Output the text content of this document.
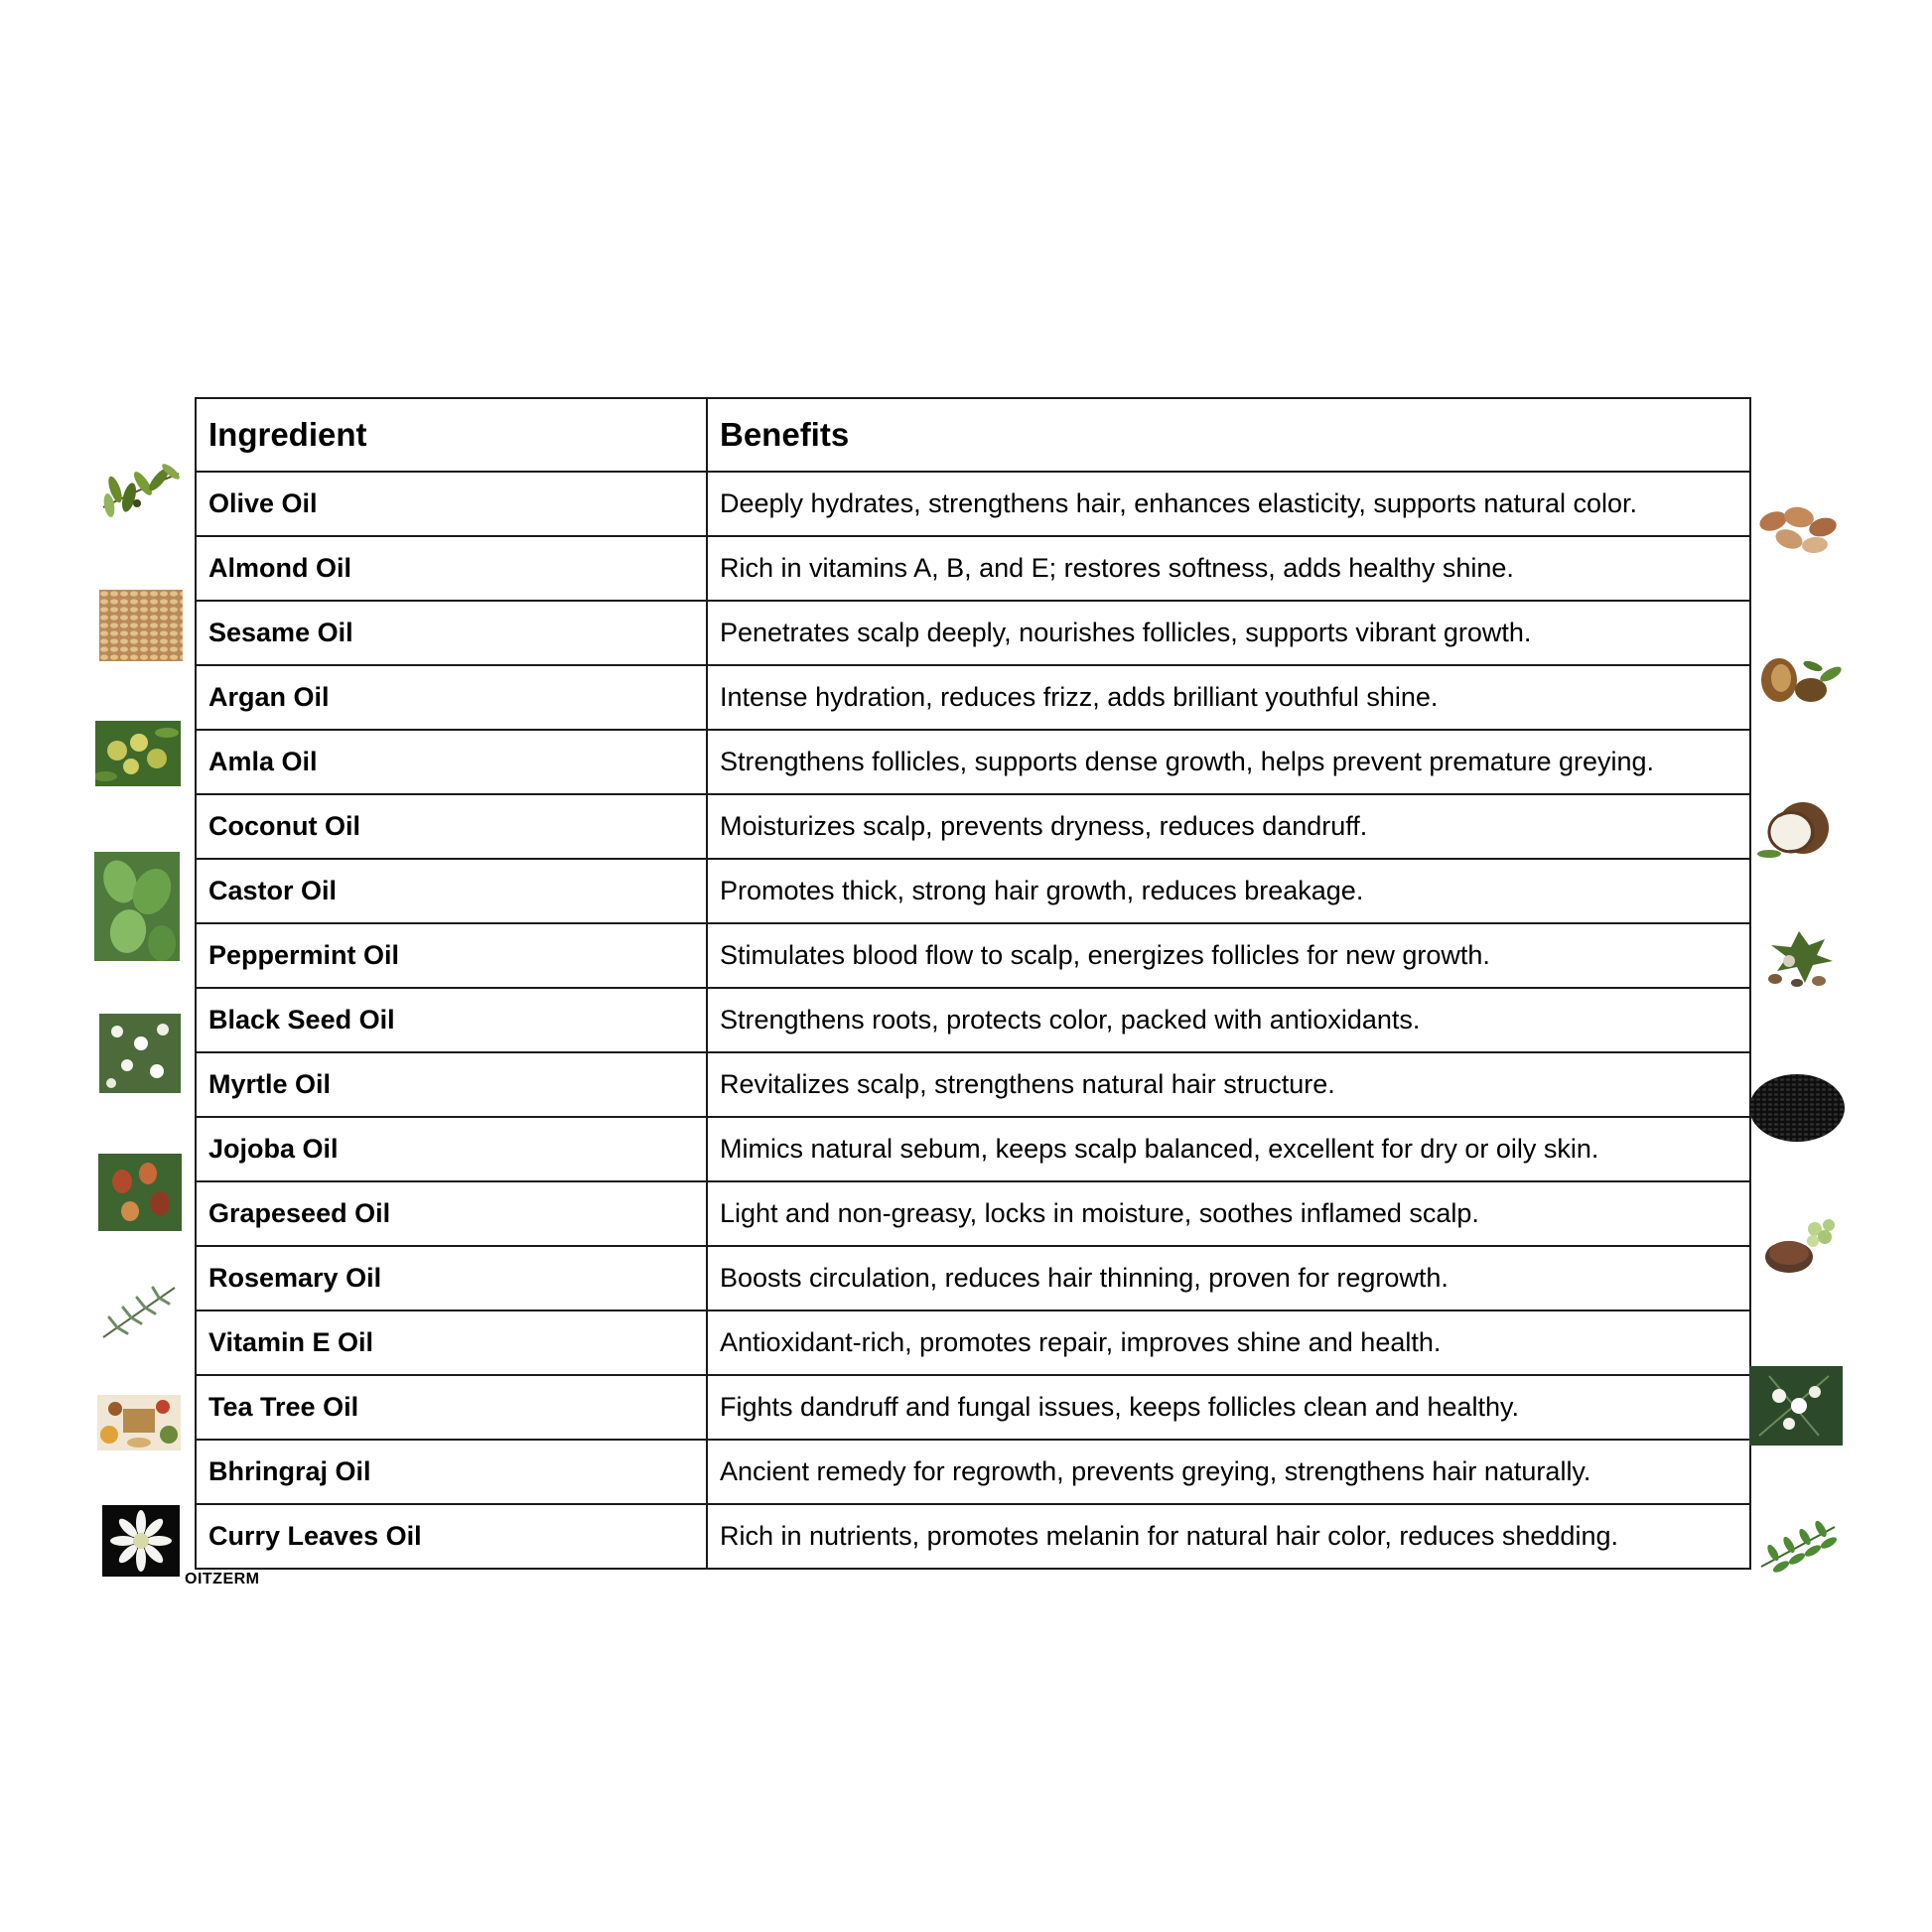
Ingredient	Benefits
Olive Oil	Deeply hydrates, strengthens hair, enhances elasticity, supports natural color.
Almond Oil	Rich in vitamins A, B, and E; restores softness, adds healthy shine.
Sesame Oil	Penetrates scalp deeply, nourishes follicles, supports vibrant growth.
Argan Oil	Intense hydration, reduces frizz, adds brilliant youthful shine.
Amla Oil	Strengthens follicles, supports dense growth, helps prevent premature greying.
Coconut Oil	Moisturizes scalp, prevents dryness, reduces dandruff.
Castor Oil	Promotes thick, strong hair growth, reduces breakage.
Peppermint Oil	Stimulates blood flow to scalp, energizes follicles for new growth.
Black Seed Oil	Strengthens roots, protects color, packed with antioxidants.
Myrtle Oil	Revitalizes scalp, strengthens natural hair structure.
Jojoba Oil	Mimics natural sebum, keeps scalp balanced, excellent for dry or oily skin.
Grapeseed Oil	Light and non-greasy, locks in moisture, soothes inflamed scalp.
Rosemary Oil	Boosts circulation, reduces hair thinning, proven for regrowth.
Vitamin E Oil	Antioxidant-rich, promotes repair, improves shine and health.
Tea Tree Oil	Fights dandruff and fungal issues, keeps follicles clean and healthy.
Bhringraj Oil	Ancient remedy for regrowth, prevents greying, strengthens hair naturally.
Curry Leaves Oil	Rich in nutrients, promotes melanin for natural hair color, reduces shedding.
OITZERM
